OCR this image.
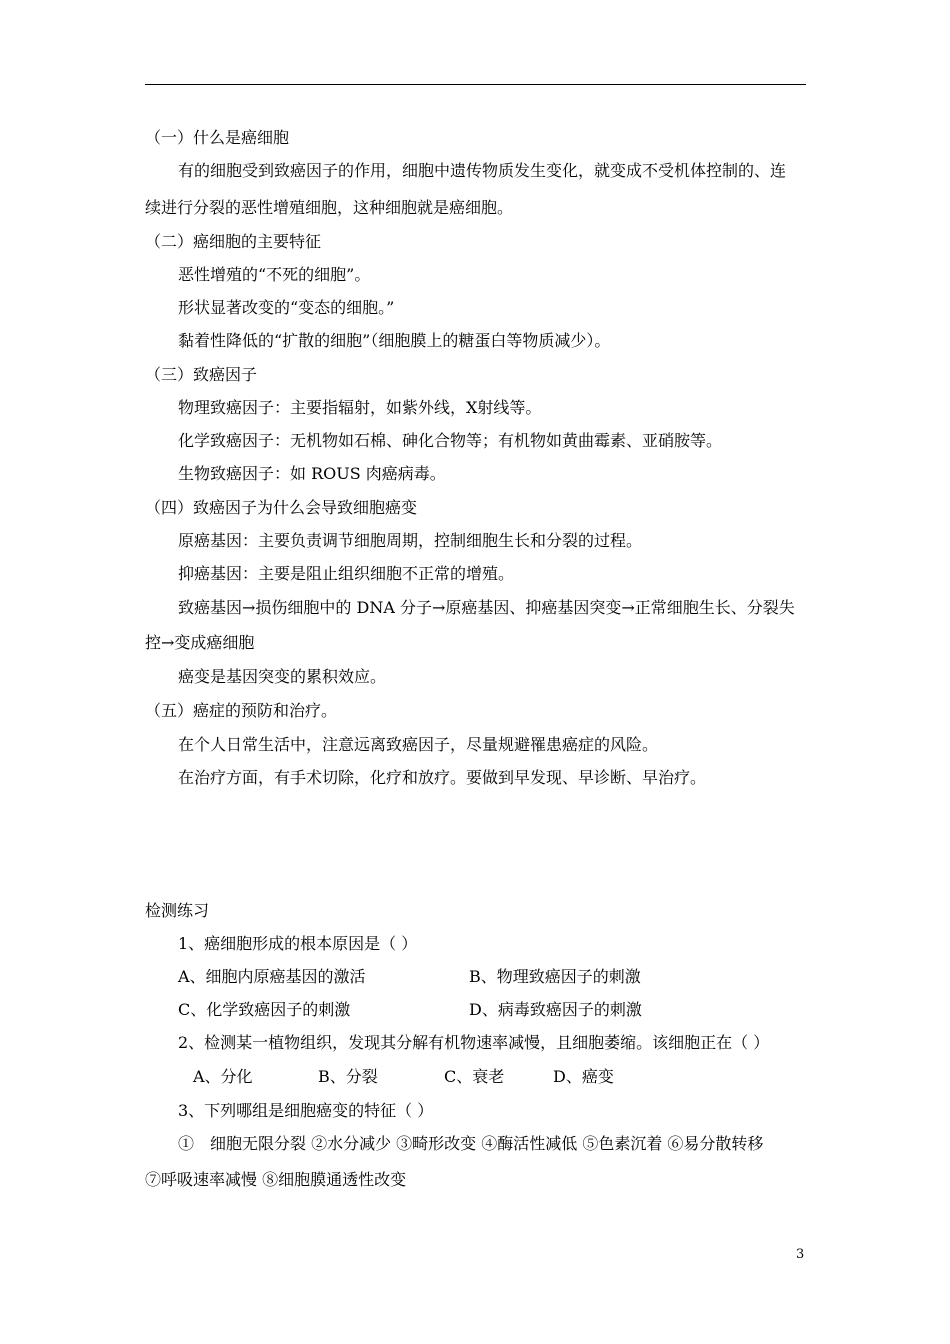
（一）什么是癌细胞
有的细胞受到致癌因子的作用，细胞中遗传物质发生变化，就变成不受机体控制的、连
续进行分裂的恶性增殖细胞，这种细胞就是癌细胞。
（二）癌细胞的主要特征
恶性增殖的“不死的细胞”。
形状显著改变的“变态的细胞。”
黏着性降低的“扩散的细胞”（细胞膜上的糖蛋白等物质减少）。
（三）致癌因子
物理致癌因子：主要指辐射，如紫外线，X射线等。
化学致癌因子：无机物如石棉、砷化合物等；有机物如黄曲霉素、亚硝胺等。
生物致癌因子：如 ROUS 肉癌病毒。
（四）致癌因子为什么会导致细胞癌变
原癌基因：主要负责调节细胞周期，控制细胞生长和分裂的过程。
抑癌基因：主要是阻止组织细胞不正常的增殖。
致癌基因→损伤细胞中的 DNA 分子→原癌基因、抑癌基因突变→正常细胞生长、分裂失
控→变成癌细胞
癌变是基因突变的累积效应。
（五）癌症的预防和治疗。
在个人日常生活中，注意远离致癌因子，尽量规避罹患癌症的风险。
在治疗方面，有手术切除，化疗和放疗。要做到早发现、早诊断、早治疗。
检测练习
1、癌细胞形成的根本原因是（ ）
A、细胞内原癌基因的激活	B、物理致癌因子的刺激
C、化学致癌因子的刺激	D、病毒致癌因子的刺激
2、检测某一植物组织，发现其分解有机物速率减慢，且细胞萎缩。该细胞正在（ ）
A、分化	B、分裂	C、衰老	D、癌变
3、下列哪组是细胞癌变的特征（ ）
①　细胞无限分裂 ②水分减少 ③畸形改变 ④酶活性减低 ⑤色素沉着 ⑥易分散转移
⑦呼吸速率减慢 ⑧细胞膜通透性改变
3
